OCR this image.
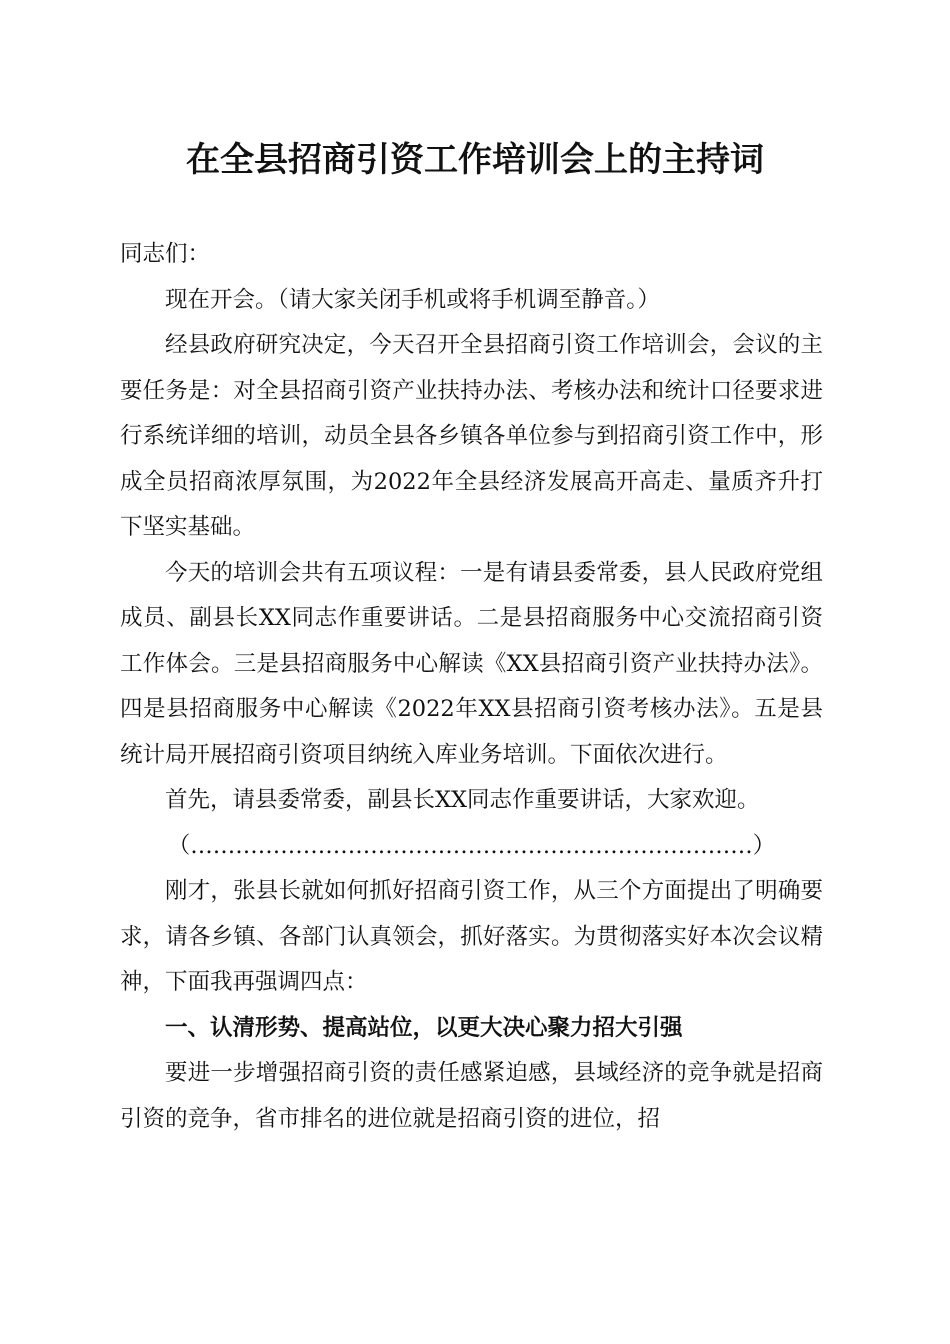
在全县招商引资工作培训会上的主持词

同志们：

现在开会。（请大家关闭手机或将手机调至静音。）

经县政府研究决定，今天召开全县招商引资工作培训会，会议的主要任务是：对全县招商引资产业扶持办法、考核办法和统计口径要求进行系统详细的培训，动员全县各乡镇各单位参与到招商引资工作中，形成全员招商浓厚氛围，为2022年全县经济发展高开高走、量质齐升打下坚实基础。

今天的培训会共有五项议程：一是有请县委常委，县人民政府党组成员、副县长XX同志作重要讲话。二是县招商服务中心交流招商引资工作体会。三是县招商服务中心解读《XX县招商引资产业扶持办法》。四是县招商服务中心解读《2022年XX县招商引资考核办法》。五是县统计局开展招商引资项目纳统入库业务培训。下面依次进行。

首先，请县委常委，副县长XX同志作重要讲话，大家欢迎。

（…………………………………………………………………）

刚才，张县长就如何抓好招商引资工作，从三个方面提出了明确要求，请各乡镇、各部门认真领会，抓好落实。为贯彻落实好本次会议精神，下面我再强调四点：

一、认清形势、提高站位，以更大决心聚力招大引强

要进一步增强招商引资的责任感紧迫感，县域经济的竞争就是招商引资的竞争，省市排名的进位就是招商引资的进位，招
